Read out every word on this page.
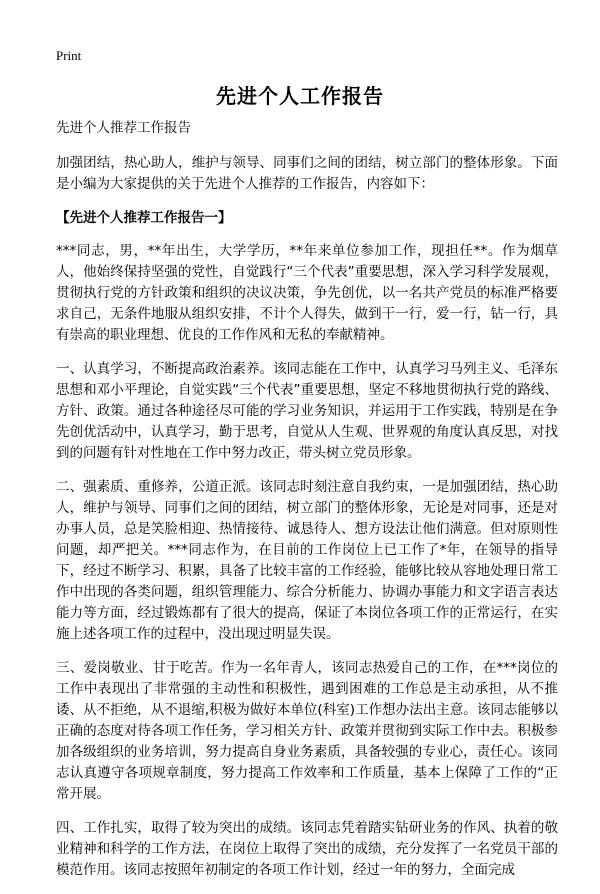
Print
先进个人工作报告

先进个人推荐工作报告

加强团结，热心助人，维护与领导、同事们之间的团结，树立部门的整体形象。下面是小编为大家提供的关于先进个人推荐的工作报告，内容如下：

【先进个人推荐工作报告一】

***同志，男，**年出生，大学学历，**年来单位参加工作，现担任**。作为烟草人，他始终保持坚强的党性，自觉践行“三个代表”重要思想，深入学习科学发展观，贯彻执行党的方针政策和组织的决议决策，争先创优，以一名共产党员的标准严格要求自己，无条件地服从组织安排，不计个人得失，做到干一行，爱一行，钻一行，具有崇高的职业理想、优良的工作作风和无私的奉献精神。

一、认真学习，不断提高政治素养。该同志能在工作中，认真学习马列主义、毛泽东思想和邓小平理论，自觉实践“三个代表”重要思想，坚定不移地贯彻执行党的路线、方针、政策。通过各种途径尽可能的学习业务知识，并运用于工作实践，特别是在争先创优活动中，认真学习，勤于思考，自觉从人生观、世界观的角度认真反思，对找到的问题有针对性地在工作中努力改正，带头树立党员形象。

二、强素质、重修养，公道正派。该同志时刻注意自我约束，一是加强团结，热心助人，维护与领导、同事们之间的团结，树立部门的整体形象，无论是对同事，还是对办事人员，总是笑脸相迎、热情接待、诚恳待人、想方设法让他们满意。但对原则性问题，却严把关。***同志作为，在目前的工作岗位上已工作了*年，在领导的指导下，经过不断学习、积累，具备了比较丰富的工作经验，能够比较从容地处理日常工作中出现的各类问题，组织管理能力、综合分析能力、协调办事能力和文字语言表达能力等方面，经过锻炼都有了很大的提高，保证了本岗位各项工作的正常运行，在实施上述各项工作的过程中，没出现过明显失误。

三、爱岗敬业、甘于吃苦。作为一名年青人，该同志热爱自己的工作，在***岗位的工作中表现出了非常强的主动性和积极性，遇到困难的工作总是主动承担，从不推诿、从不拒绝，从不退缩,积极为做好本单位(科室)工作想办法出主意。该同志能够以正确的态度对待各项工作任务，学习相关方针、政策并贯彻到实际工作中去。积极参加各级组织的业务培训，努力提高自身业务素质，具备较强的专业心，责任心。该同志认真遵守各项规章制度，努力提高工作效率和工作质量，基本上保障了工作的“正常开展。

四、工作扎实，取得了较为突出的成绩。该同志凭着踏实钻研业务的作风、执着的敬业精神和科学的工作方法，在岗位上取得了突出的成绩，充分发挥了一名党员干部的模范作用。该同志按照年初制定的各项工作计划，经过一年的努力，全面完成
